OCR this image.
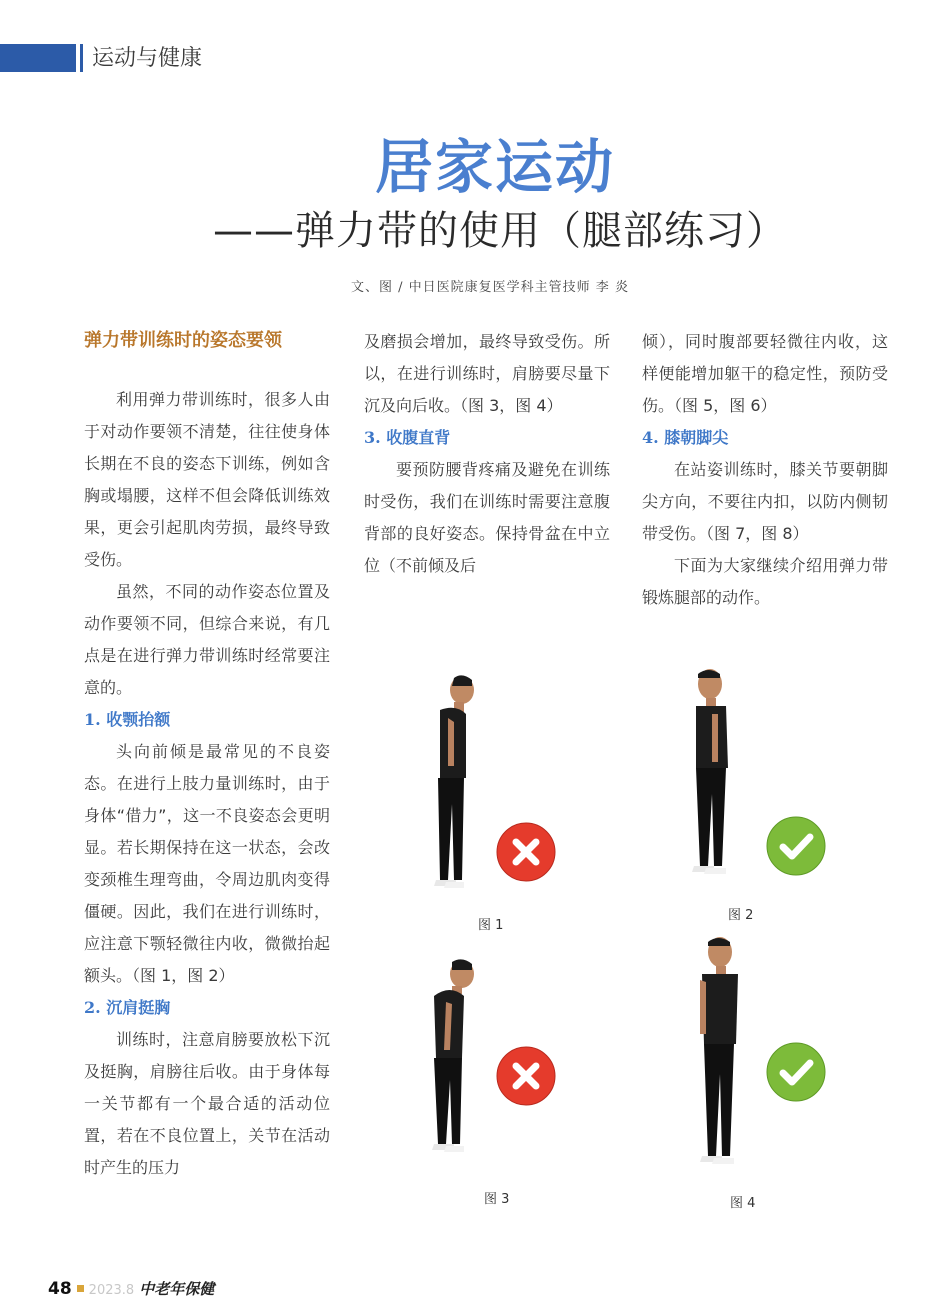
运动与健康
居家运动
——弹力带的使用（腿部练习）
文、图 / 中日医院康复医学科主管技师 李 炎
弹力带训练时的姿态要领

利用弹力带训练时，很多人由于对动作要领不清楚，往往使身体长期在不良的姿态下训练，例如含胸或塌腰，这样不但会降低训练效果，更会引起肌肉劳损，最终导致受伤。

虽然，不同的动作姿态位置及动作要领不同，但综合来说，有几点是在进行弹力带训练时经常要注意的。

1. 收颚抬额

头向前倾是最常见的不良姿态。在进行上肢力量训练时，由于身体“借力”，这一不良姿态会更明显。若长期保持在这一状态，会改变颈椎生理弯曲，令周边肌肉变得僵硬。因此，我们在进行训练时，应注意下颚轻微往内收，微微抬起额头。（图 1，图 2）

2. 沉肩挺胸

训练时，注意肩膀要放松下沉及挺胸，肩膀往后收。由于身体每一关节都有一个最合适的活动位置，若在不良位置上，关节在活动时产生的压力

及磨损会增加，最终导致受伤。所以，在进行训练时，肩膀要尽量下沉及向后收。（图 3，图 4）

3. 收腹直背

要预防腰背疼痛及避免在训练时受伤，我们在训练时需要注意腹背部的良好姿态。保持骨盆在中立位（不前倾及后

倾），同时腹部要轻微往内收，这样便能增加躯干的稳定性，预防受伤。（图 5，图 6）

4. 膝朝脚尖

在站姿训练时，膝关节要朝脚尖方向，不要往内扣，以防内侧韧带受伤。（图 7，图 8）

下面为大家继续介绍用弹力带锻炼腿部的动作。

图 1
图 2
图 3	图 4
48 2023.8 中老年保健
